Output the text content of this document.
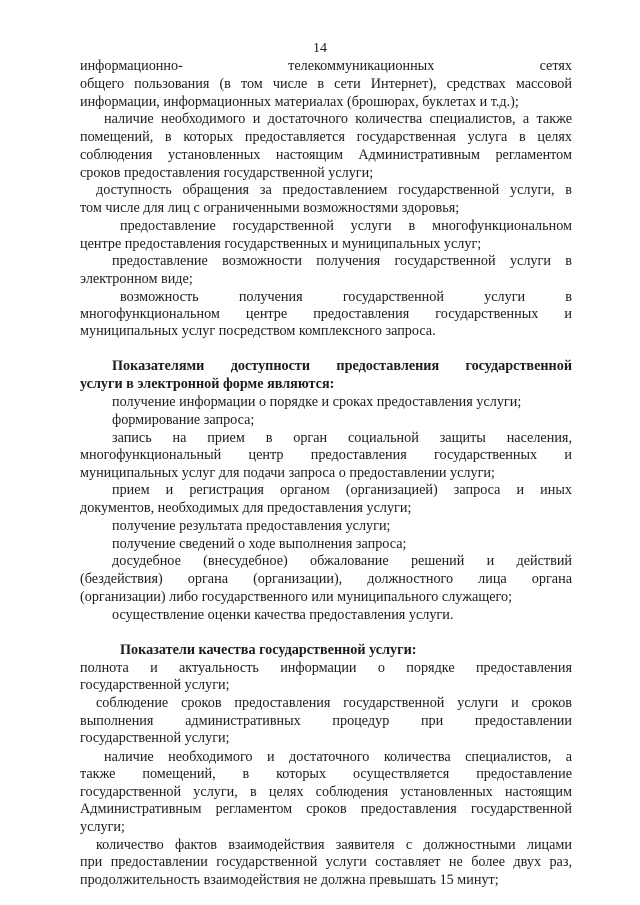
14
информационно- телекоммуникационных сетях
общего пользования (в том числе в сети Интернет), средствах массовой
информации, информационных материалах (брошюрах, буклетах и т.д.);
наличие необходимого и достаточного количества специалистов, а также
помещений, в которых предоставляется государственная услуга в целях
соблюдения установленных настоящим Административным регламентом
сроков предоставления государственной услуги;
доступность обращения за предоставлением государственной услуги, в
том числе для лиц с ограниченными возможностями здоровья;
предоставление государственной услуги в многофункциональном
центре предоставления государственных и муниципальных услуг;
предоставление возможности получения государственной услуги в
электронном виде;
возможность получения государственной услуги в
многофункциональном центре предоставления государственных и
муниципальных услуг посредством комплексного запроса.
Показателями доступности предоставления государственной
услуги в электронной форме являются:
получение информации о порядке и сроках предоставления услуги;
формирование запроса;
запись на прием в орган социальной защиты населения,
многофункциональный центр предоставления государственных и
муниципальных услуг для подачи запроса о предоставлении услуги;
прием и регистрация органом (организацией) запроса и иных
документов, необходимых для предоставления услуги;
получение результата предоставления услуги;
получение сведений о ходе выполнения запроса;
досудебное (внесудебное) обжалование решений и действий
(бездействия) органа (организации), должностного лица органа
(организации) либо государственного или муниципального служащего;
осуществление оценки качества предоставления услуги.
Показатели качества государственной услуги:
полнота и актуальность информации о порядке предоставления
государственной услуги;
соблюдение сроков предоставления государственной услуги и сроков
выполнения административных процедур при предоставлении
государственной услуги;
наличие необходимого и достаточного количества специалистов, а
также помещений, в которых осуществляется предоставление
государственной услуги, в целях соблюдения установленных настоящим
Административным регламентом сроков предоставления государственной
услуги;
количество фактов взаимодействия заявителя с должностными лицами
при предоставлении государственной услуги составляет не более двух раз,
продолжительность взаимодействия не должна превышать 15 минут;
